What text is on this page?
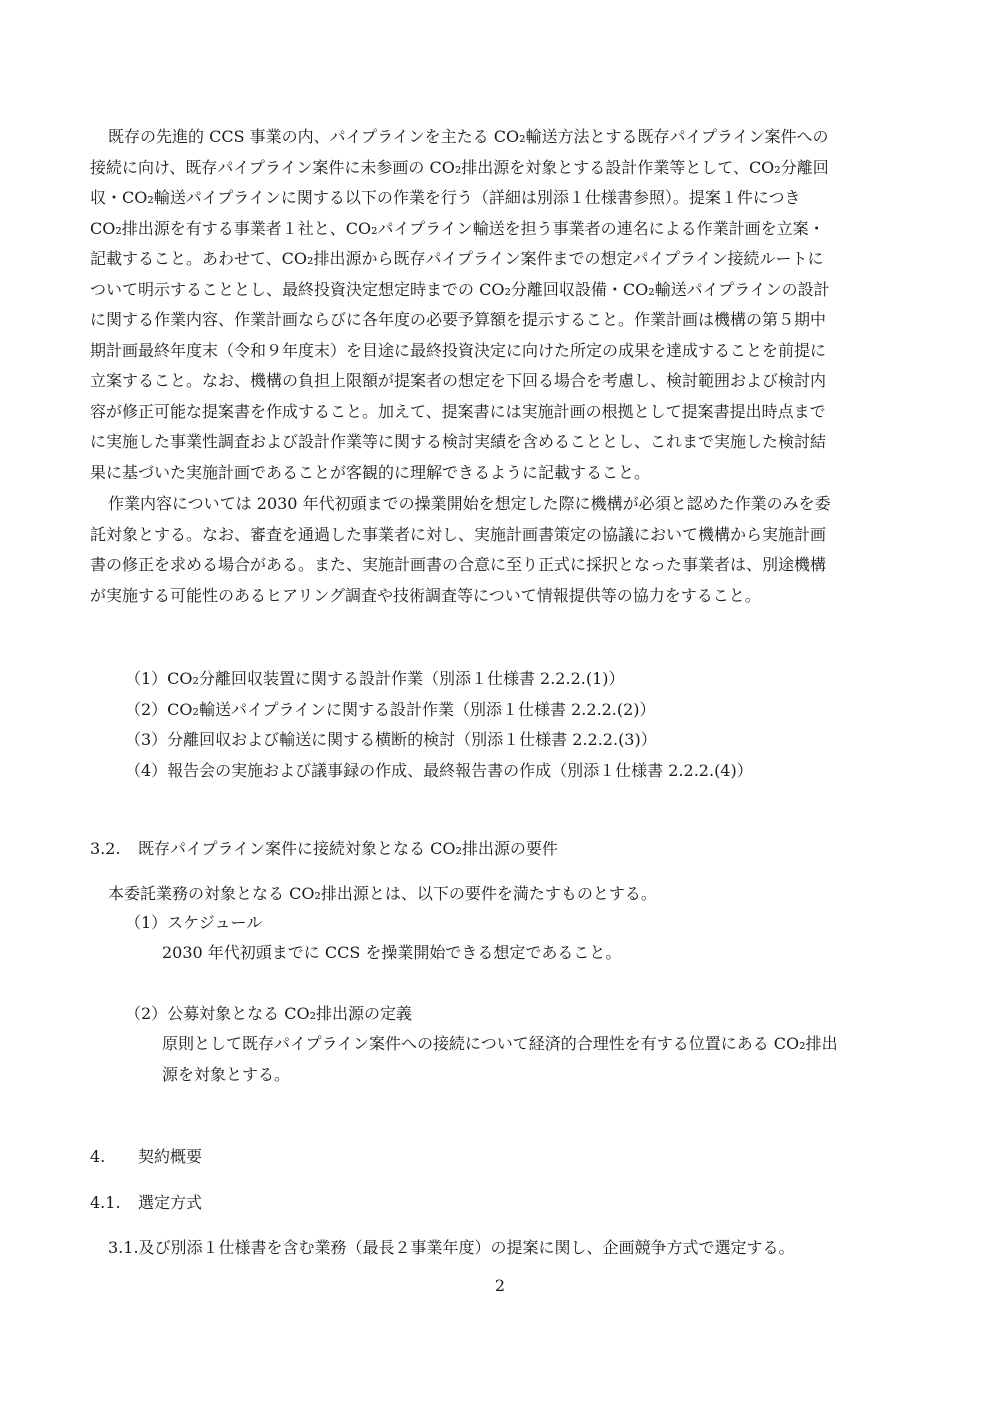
既存の先進的 CCS 事業の内、パイプラインを主たる CO₂輸送方法とする既存パイプライン案件への
接続に向け、既存パイプライン案件に未参画の CO₂排出源を対象とする設計作業等として、CO₂分離回
収・CO₂輸送パイプラインに関する以下の作業を行う（詳細は別添１仕様書参照）。提案１件につき
CO₂排出源を有する事業者１社と、CO₂パイプライン輸送を担う事業者の連名による作業計画を立案・
記載すること。あわせて、CO₂排出源から既存パイプライン案件までの想定パイプライン接続ルートに
ついて明示することとし、最終投資決定想定時までの CO₂分離回収設備・CO₂輸送パイプラインの設計
に関する作業内容、作業計画ならびに各年度の必要予算額を提示すること。作業計画は機構の第５期中
期計画最終年度末（令和９年度末）を目途に最終投資決定に向けた所定の成果を達成することを前提に
立案すること。なお、機構の負担上限額が提案者の想定を下回る場合を考慮し、検討範囲および検討内
容が修正可能な提案書を作成すること。加えて、提案書には実施計画の根拠として提案書提出時点まで
に実施した事業性調査および設計作業等に関する検討実績を含めることとし、これまで実施した検討結
果に基づいた実施計画であることが客観的に理解できるように記載すること。
作業内容については 2030 年代初頭までの操業開始を想定した際に機構が必須と認めた作業のみを委
託対象とする。なお、審査を通過した事業者に対し、実施計画書策定の協議において機構から実施計画
書の修正を求める場合がある。また、実施計画書の合意に至り正式に採択となった事業者は、別途機構
が実施する可能性のあるヒアリング調査や技術調査等について情報提供等の協力をすること。
（1）CO₂分離回収装置に関する設計作業（別添１仕様書 2.2.2.(1)）
（2）CO₂輸送パイプラインに関する設計作業（別添１仕様書 2.2.2.(2)）
（3）分離回収および輸送に関する横断的検討（別添１仕様書 2.2.2.(3)）
（4）報告会の実施および議事録の作成、最終報告書の作成（別添１仕様書 2.2.2.(4)）

3.2. 既存パイプライン案件に接続対象となる CO₂排出源の要件

本委託業務の対象となる CO₂排出源とは、以下の要件を満たすものとする。

（1）スケジュール

2030 年代初頭までに CCS を操業開始できる想定であること。

（2）公募対象となる CO₂排出源の定義

原則として既存パイプライン案件への接続について経済的合理性を有する位置にある CO₂排出

源を対象とする。

4. 契約概要

4.1. 選定方式

3.1.及び別添１仕様書を含む業務（最長２事業年度）の提案に関し、企画競争方式で選定する。

2
